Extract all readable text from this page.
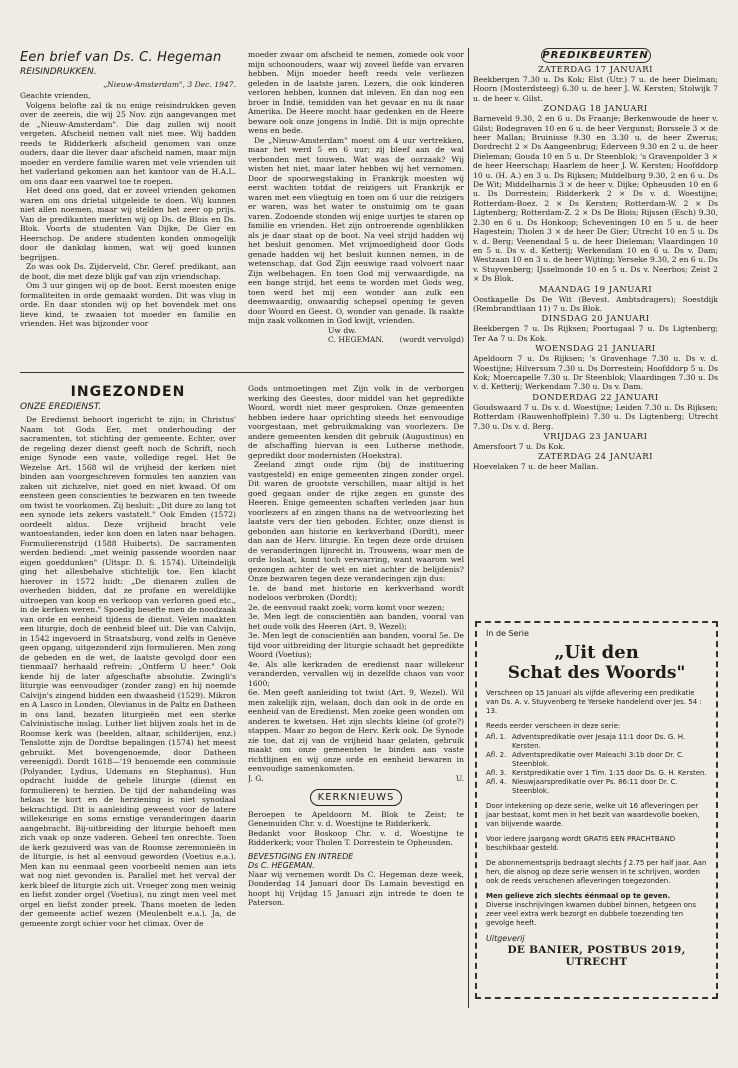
Een brief van Ds. C. Hegeman
REISINDRUKKEN.
„Nieuw-Amsterdam", 3 Dec. 1947.

Geachte vrienden,

Volgens belofte zal ik nu enige reisindrukken geven over de zeereis, die wij 25 Nov. zijn aangevangen met de „Nieuw-Amsterdam". Die dag zullen wij nooit vergeten. Afscheid nemen valt niet mee. Wij hadden reeds te Ridderkerk afscheid genomen van onze ouders, daar die liever daar afscheid namen, maar mijn moeder en verdere familie waren met vele vrienden uit het vaderland gekomen aan het kantoor van de H.A.L. om ons daar een vaarwel toe te roepen.

Het deed ons goed, dat er zoveel vrienden gekomen waren om ons drietal uitgeleide te doen. Wij kunnen niet allen noemen, maar wij stelden het zeer op prijs. Van de predikanten merkten wij op Ds. de Blois en Ds. Blok. Voorts de studenten Van Dijke, De Gier en Heerschop. De andere studenten konden onmogelijk door de dankdag komen, wat wij goed kunnen begrijpen.

Zo was ook Ds. Zijderveld, Chr. Geref. predikant, aan de boot, die met deze blijk gaf van zijn vriendschap.

Om 3 uur gingen wij op de boot. Eerst moesten enige formaliteiten in orde gemaakt worden. Dit was vlug in orde. En daar stonden wij op het bovendek met ons lieve kind, te zwaaien tot moeder en familie en vrienden. Het was bijzonder voor

moeder zwaar om afscheid te nemen, zomede ook voor mijn schoonouders, waar wij zoveel liefde van ervaren hebben. Mijn moeder heeft reeds vele verliezen geleden in de laatste jaren. Lezers, die ook kinderen verloren hebben, kunnen dat inleven. En dan nog een broer in Indië, temidden van het gevaar en nu ik naar Amerika. De Heere mocht haar gedenken en de Heere beware ook onze jongens in Indië. Dit is mijn oprechte wens en bede.

De „Nieuw-Amsterdam" moest om 4 uur vertrekken, maar het werd 5 en 6 uur; zij bleef aan de wal verbonden met touwen. Wat was de oorzaak? Wij wisten het niet, maar later hebben wij het vernomen. Door de spoorwegstaking in Frankrijk moesten wij eerst wachten totdat de reizigers uit Frankrijk er waren met een vliegtuig en toen om 6 uur die reizigers er waren, was het water te onstuimig om te gaan varen. Zodoende stonden wij enige uurtjes te staren op familie en vrienden. Het zijn ontroerende ogenblikken als je daar staat op de boot. Na veel strijd hadden wij het besluit genomen. Met vrijmoedigheid door Gods genade hadden wij het besluit kunnen nemen, in de wetenschap, dat God Zijn eeuwige raad volvoert naar Zijn welbehagen. En toen God mij verwaardigde, na een bange strijd, het eens te worden met Gods weg, toen werd het mij een wonder aan zulk een deemwaardig, onwaardig schepsel opening te geven door Woord en Geest. O, wonder van genade. Ik raakte mijn zaak volkomen in God kwijt, vrienden.

Uw dw.
C. HEGEMAN. (wordt vervolgd)
PREDIKBEURTEN
ZATERDAG 17 JANUARI
Beekbergen 7.30 u. Ds Kok; Elst (Utr.) 7 u. de heer Dielman; Hoorn (Mosterdsteeg) 6.30 u. de heer J. W. Kersten; Stolwijk 7 u. de heer v. Gilst.
ZONDAG 18 JANUARI
Barneveld 9.30, 2 en 6 u. Ds Fraanje; Berkenwoude de heer v. Gilst; Bodegraven 10 en 6 u. de heer Vergunst; Borssele 3 × de heer Mallan; Bruinisse 9.30 en 3.30 u. de heer Zwerus; Dordrecht 2 × Ds Aangeenbrug; Ederveen 9.30 en 2 u. de heer Dieleman; Gouda 10 en 5 u. Dr Steenblok; 's Gravenpolder 3 × de heer Heerschap; Haarlem de heer J. W. Kersten; Hoofddorp 10 u. (H. A.) en 3 u. Ds Rijksen; Middelburg 9.30, 2 en 6 u. Ds De Wit; Middelharnis 3 × de heer v. Dijke; Opheusden 10 en 6 u. Ds Dorrestein; Ridderkerk 2 × Ds v. d. Woestijne; Rotterdam-Boez. 2 × Ds Kersten; Rotterdam-W. 2 × Ds Ligtenberg; Rotterdam-Z. 2 × Ds De Blois; Rijssen (Esch) 9.30, 2.30 en 6 u. Ds Honkoop; Scheveningen 10 en 5 u. de heer Hagestein; Tholen 3 × de heer De Gier; Utrecht 10 en 5 u. Ds v. d. Berg; Veenendaal 5 u. de heer Dieleman; Vlaardingen 10 en 5 u. Ds v. d. Ketterij; Werkendam 10 en 6 u. Ds v. Dam; Westzaan 10 en 3 u. de heer Wijting; Yerseke 9.30, 2 en 6 u. Ds v. Stuyvenberg; IJsselmonde 10 en 5 u. Ds v. Neerbos; Zeist 2 × Ds Blok.
MAANDAG 19 JANUARI
Oostkapelle Ds De Wit (Bevest. Ambtsdragers); Soestdijk (Rembrandtlaan 11) 7 u. Ds Blok.
DINSDAG 20 JANUARI
Beekbergen 7 u. Ds Rijksen; Poortugaal 7 u. Ds Ligtenberg; Ter Aa 7 u. Ds Kok.
WOENSDAG 21 JANUARI
Apeldoorn 7 u. Ds Rijksen; 's Gravenhage 7.30 u. Ds v. d. Woestijne; Hilversum 7.30 u. Ds Dorrestein; Hoofddorp 5 u. Ds Kok; Moercapelle 7.30 u. Dr Steenblok; Vlaardingen 7.30 u. Ds v. d. Ketterij; Werkendam 7.30 u. Ds v. Dam.
DONDERDAG 22 JANUARI
Goudswaard 7 u. Ds v. d. Woestijne; Leiden 7.30 u. Ds Rijksen; Rotterdam (Rauwenhoffplein) 7.30 u. Ds Ligtenberg; Utrecht 7.30 u. Ds v. d. Berg.
VRIJDAG 23 JANUARI
Amersfoort 7 u. Ds Kok.
ZATERDAG 24 JANUARI
Hoevelaken 7 u. de heer Mallan.
INGEZONDEN
ONZE EREDIENST.

De Eredienst behoort ingericht te zijn: in Christus' Naam tot Gods Eer, met onderhouding der sacramenten, tot stichting der gemeente. Echter, over de regeling dezer dienst geeft noch de Schrift, noch enige Synode een vaste, volledige regel. Het 9e Wezelse Art. 1568 wil de vrijheid der kerken niet binden aan voorgeschreven formules ten aanzien van zaken uit zichzelve, niet goed en niet kwaad. Of om eensteen geen conscienties te bezwaren en ten tweede om twist te voorkomen. Zij besluit: „Dit dure zo lang tot een synode iets zekers vaststelt." Ook Emden (1572) oordeelt aldus. Deze vrijheid bracht vele wantoestanden, ieder kon doen en laten naar behagen. Formulierenstrijd (1588 Huiberts). De sacramenten werden bediend: „met weinig passende woorden naar eigen goeddunken" (Uitspr. D. S. 1574). Uiteindelijk ging het allesbehalve stichtelijk toe. Een klacht hierover in 1572 luidt: „De dienaren zullen de overheden bidden, dat ze profane en wereldlijke uitroepen van koop en verkoop van verloren goed etc., in de kerken weren." Spoedig besefte men de noodzaak van orde en eenheid tijdens de dienst. Velen maakten een liturgie, doch de eenheid bleef uit. Die van Calvijn, in 1542 ingevoerd in Straatsburg, vond zelfs in Genève geen opgang, uitgezonderd zijn formulieren. Men zong de gebeden en de wet, de laatste gevolgd door een tienmaal? herhaald refrein: „Ontferm U heer." Ook kende hij de later afgeschafte absolutie. Zwingli's liturgie was eenvoudiger (zonder zang) en hij noemde Calvijn's zingend bidden een dwaasheid (1529). Mikron en A Lasco in Londen, Olevianus in de Paltz en Datheen in ons land, bezaten liturgieën met een sterke Calvinistische inslag. Luther liet blijven zoals het in de Roomse kerk was (beelden, altaar, schilderijen, enz.) Tenslotte zijn de Dordtse bepalingen (1574) het meest gebruikt. Met bovengenoemde, door Datheen vereenigd). Dordt 1618—'19 benoemde een commissie (Polyander, Lydius, Udemans en Stephanus). Hun opdracht luidde de gehele liturgie (dienst en formulieren) te herzien. De tijd der nahandeling was helaas te kort en de herziening is niet synodaal bekrachtigd. Dit is aanleiding geweest voor de latere willekeurige en soms ernstige veranderingen daarin aangebracht. Bij-uitbreiding der liturgie behoeft men zich vaak op onze vaderen. Geheel ten onrechte. Toen de kerk gezuiverd was van de Roomse zeremonieën in de liturgie, is het al eenvoud geworden (Voetius e.a.). Men kan nu eenmaal geen voorbeeld nemen aan iets wat nog niet gevonden is. Parallel met het verval der kerk bleef de liturgie zich uit. Vroeger zong men weinig en liefst zonder orgel (Voetius), nu zingt men veel met orgel en liefst zonder preek. Thans moeten de leden der gemeente actief wezen (Meulenbelt e.a.). Ja, de gemeente zorgt schier voor het climax. Over de

Gods ontmoetingen met Zijn volk in de verborgen werking des Geestes, door middel van het gepredikte Woord, wordt niet meer gesproken. Onze gemeenten hebben iedere haar oprichting steeds het eenvoudige voorgestaan, met gebruikmaking van voorlezers. De andere gemeenten kenden dit gebruik (Augustinus) en de afschaffing hiervan is een Lutherse methode, gepredikt door modernisten (Hoekstra).

Zeeland zingt oude rijm (bij de instituering vastgesteld) en enige gemeenten zingen zonder orgel. Dit waren de grootste verschillen, maar altijd is het goed gegaan onder de rijke zegen en gunste des Heeren. Enige gemeenten schaften verleden jaar hun voorlezers af en zingen thans na de wetvoorlezing het laatste vers der tien geboden. Echter, onze dienst is gebonden aan historie en kerkverband (Dordt), meer dan aan de Herv. liturgie. En tegen deze orde druisen de veranderingen lijnrecht in. Trouwens, waar men de orde loslaat, komt toch verwarring, want waarom wel gezongen achter de wet en niet achter de belijdenis? Onze bezwaren tegen deze veranderingen zijn dus:

1e. de band met historie en kerkverband wordt nodeloos verbroken (Dordt);

2e. de eenvoud raakt zoek; vorm komt voor wezen;

3e. Men legt de conscientiën aan banden, vooral van het oude volk des Heeren (Art. 9, Wezel);

3e. Men legt de conscientiën aan banden, vooral 5e. De tijd voor uitbreiding der liturgie schaadt het gepredikte Woord (Voetius);

4e. Als alle kerkraden de eredienst naar willekeur veranderden, vervallen wij in dezelfde chaos van voor 1600;

6e. Men geeft aanleiding tot twist (Art. 9, Wezel). Wil men zakelijk zijn, welaan, doch dan ook in de orde en eenheid van de Eredienst. Men zoeke geen wonden om anderen te kwetsen. Het zijn slechts kleine (of grote?) stappen. Maar zo begon de Herv. Kerk ook. De Synode zie toe, dat zij van de vrijheid haar gelaten, gebruik maakt om onze gemeenten te binden aan vaste richtlijnen en wij onze orde en eenheid bewaren in eenvoudige samenkomsten.

J. G.	U.
KERKNIEUWS

Beroepen te Apeldoorn M. Blok te Zeist; te Genemuiden Chr. v. d. Woestijne te Ridderkerk.

Bedankt voor Boskoop Chr. v. d. Woestijne te Ridderkerk; voor Tholen T. Dorrestein te Opheusden.

BEVESTIGING EN INTREDE
Ds C. HEGEMAN.

Naar wij vernemen wordt Ds C. Hegeman deze week, Donderdag 14 Januari door Ds Lamain bevestigd en hoopt hij Vrijdag 15 Januari zijn intrede te doen te Paterson.

In de Serie
„Uit den
Schat des Woords"
Verscheen op 15 Januari als vijfde aflevering een predikatie van Ds. A. v. Stuyvenberg te Yerseke handelend over Jes. 54 : 13.
Reeds eerder verscheen in deze serie:
Afl. 1. Adventspredikatie over Jesaja 11:1 door Ds. G. H. Kersten.
Afl. 2. Adventspredikatie over Maleachi 3:1b door Dr. C. Steenblok.
Afl. 3. Kerstpredikatie over 1 Tim. 1:15 door Ds. G. H. Kersten.
Afl. 4. Nieuwjaarspredikatie over Ps. 86:11 door Dr. C. Steenblok.
Door intekening op deze serie, welke uit 16 afleveringen per jaar bestaat, komt men in het bezit van waardevolle boeken, van blijvende waarde.
Voor iedere jaargang wordt GRATIS EEN PRACHTBAND beschikbaar gesteld.
De abonnementsprijs bedraagt slechts ƒ 2.75 per half jaar. Aan hen, die alsnog op deze serie wensen in te schrijven, worden ook de reeds verschenen afleveringen toegezonden.
Men gelieve zich slechts éénmaal op te geven.
Diverse inschrijvingen kwamen dubbel binnen, hetgeen ons zeer veel extra werk bezorgt en dubbele toezending ten gevolge heeft.
Uitgeverij
DE BANIER, POSTBUS 2019, UTRECHT
